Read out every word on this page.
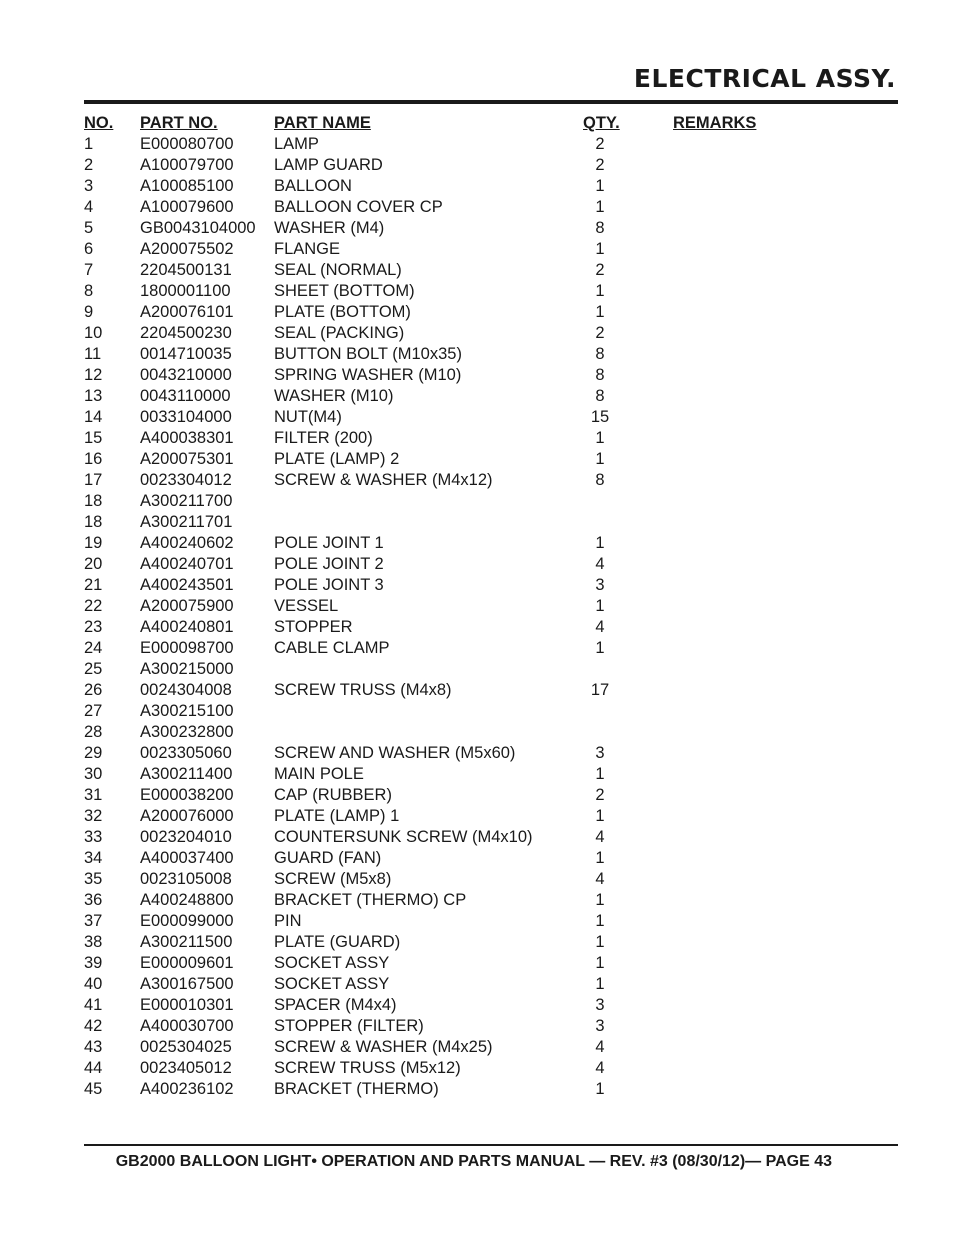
ELECTRICAL ASSY.
NO. PART NO.	PART NAME	QTY.	REMARKS
1	E000080700 LAMP	2
2	A100079700 LAMP GUARD	2
3	A100085100 BALLOON	1
4	A100079600 BALLOON COVER CP	1
5	GB0043104000 WASHER (M4)	8
6	A200075502 FLANGE	1
7	2204500131	SEAL (NORMAL)	2
8	1800001100	SHEET (BOTTOM)	1
9	A200076101 PLATE (BOTTOM)	1
10 2204500230	SEAL (PACKING)	2
11 0014710035	BUTTON BOLT (M10x35)	8
12 0043210000	SPRING WASHER (M10)	8
13 0043110000	WASHER (M10)	8
14 0033104000	NUT(M4)	15
15 A400038301 FILTER (200)	1
16 A200075301 PLATE (LAMP) 2	1
17 0023304012	SCREW & WASHER (M4x12)	8
18 A300211700
18 A300211701
19 A400240602 POLE JOINT 1	1
20 A400240701 POLE JOINT 2	4
21 A400243501 POLE JOINT 3	3
22 A200075900 VESSEL	1
23 A400240801 STOPPER	4
24 E000098700 CABLE CLAMP	1
25 A300215000
26 0024304008	SCREW TRUSS (M4x8)	17
27 A300215100
28 A300232800
29 0023305060	SCREW AND WASHER (M5x60)	3
30 A300211400	MAIN POLE	1
31 E000038200 CAP (RUBBER)	2
32 A200076000 PLATE (LAMP) 1	1
33 0023204010	COUNTERSUNK SCREW (M4x10)	4
34 A400037400 GUARD (FAN)	1
35 0023105008	SCREW (M5x8)	4
36 A400248800 BRACKET (THERMO) CP	1
37 E000099000 PIN	1
38 A300211500	PLATE (GUARD)	1
39 E000009601 SOCKET ASSY	1
40 A300167500 SOCKET ASSY	1
41 E000010301 SPACER (M4x4)	3
42 A400030700 STOPPER (FILTER)	3
43 0025304025	SCREW & WASHER (M4x25)	4
44 0023405012	SCREW TRUSS (M5x12)	4
45 A400236102 BRACKET (THERMO)	1
GB2000 BALLOON LIGHT• OPERATION AND PARTS MANUAL — REV. #3 (08/30/12)— PAGE 43
